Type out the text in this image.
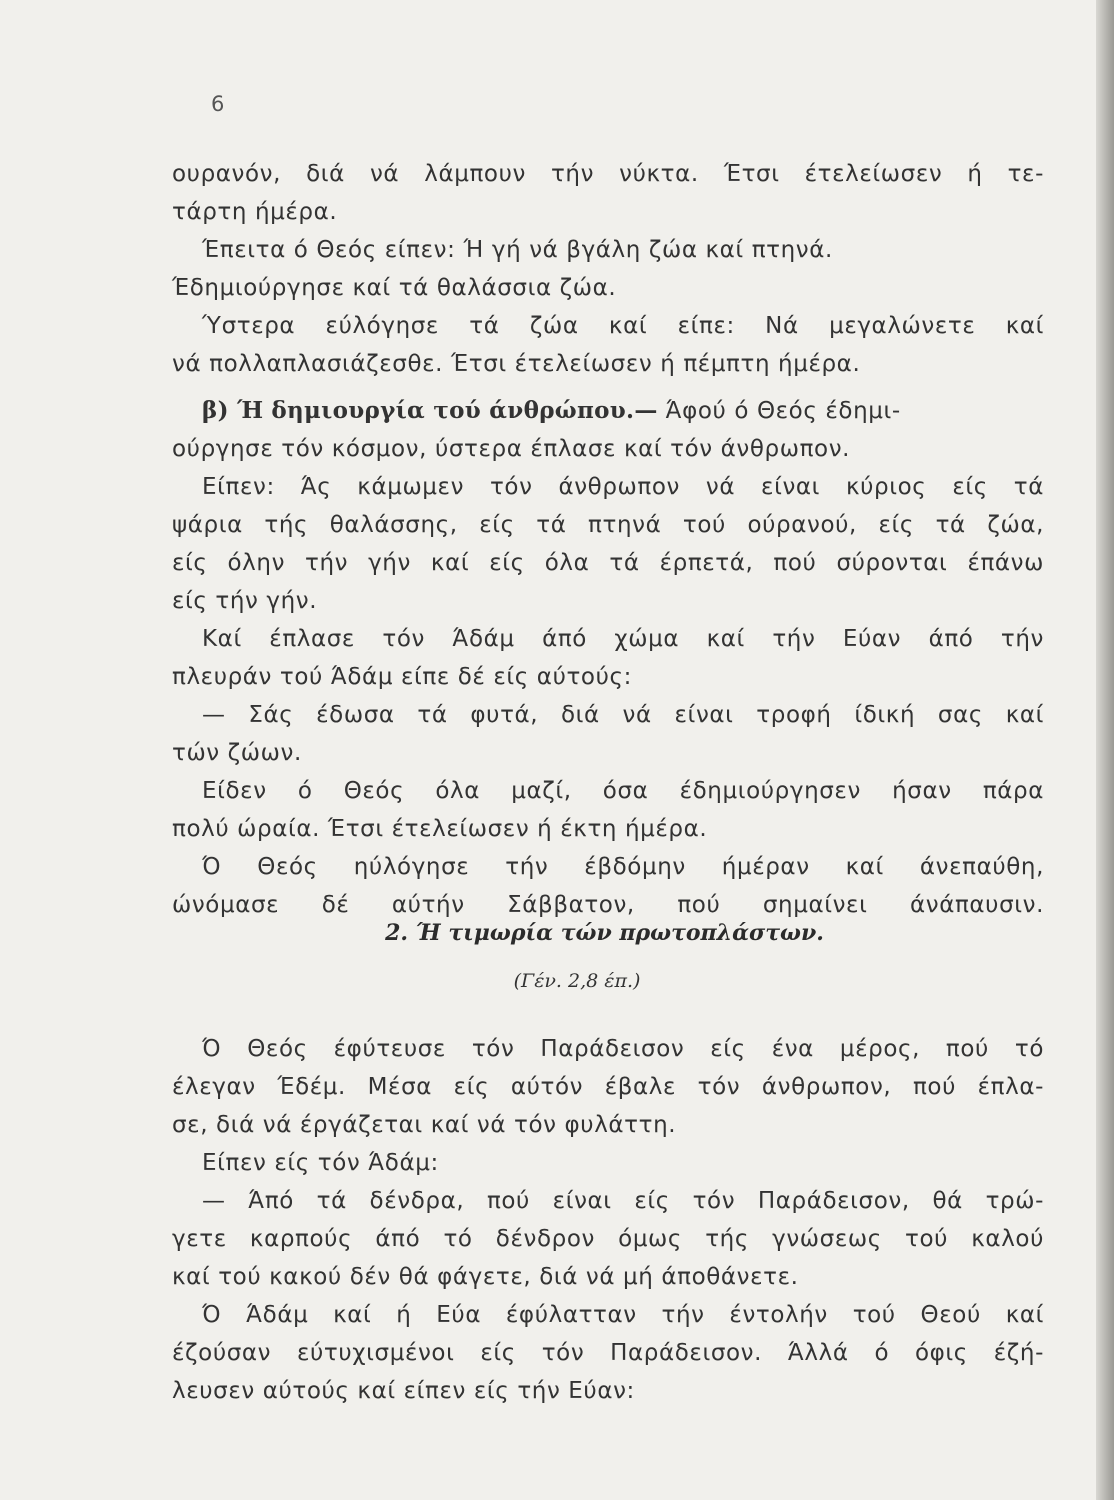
6
ουρανόν, διά νά λάμπουν τήν νύκτα. Έτσι έτελείωσεν ή τε-
τάρτη ήμέρα.
Έπειτα ό Θεός είπεν: Ή γή νά βγάλη ζώα καί πτηνά.
Έδημιούργησε καί τά θαλάσσια ζώα.
Ύστερα εύλόγησε τά ζώα καί είπε: Νά μεγαλώνετε καί
νά πολλαπλασιάζεσθε. Έτσι έτελείωσεν ή πέμπτη ήμέρα.
β) Ή δημιουργία τού άνθρώπου.— Άφού ό Θεός έδημι-
ούργησε τόν κόσμον, ύστερα έπλασε καί τόν άνθρωπον.
Είπεν: Άς κάμωμεν τόν άνθρωπον νά είναι κύριος είς τά
ψάρια τής θαλάσσης, είς τά πτηνά τού ούρανού, είς τά ζώα,
είς όλην τήν γήν καί είς όλα τά έρπετά, πού σύρονται έπάνω
είς τήν γήν.
Καί έπλασε τόν Άδάμ άπό χώμα καί τήν Εύαν άπό τήν
πλευράν τού Άδάμ είπε δέ είς αύτούς:
— Σάς έδωσα τά φυτά, διά νά είναι τροφή ίδική σας καί
τών ζώων.
Είδεν ό Θεός όλα μαζί, όσα έδημιούργησεν ήσαν πάρα
πολύ ώραία. Έτσι έτελείωσεν ή έκτη ήμέρα.
Ό Θεός ηύλόγησε τήν έβδόμην ήμέραν καί άνεπαύθη,
ώνόμασε δέ αύτήν Σάββατον, πού σημαίνει άνάπαυσιν.
2. Ή τιμωρία τών πρωτοπλάστων.
(Γέν. 2,8 έπ.)
Ό Θεός έφύτευσε τόν Παράδεισον είς ένα μέρος, πού τό
έλεγαν Έδέμ. Μέσα είς αύτόν έβαλε τόν άνθρωπον, πού έπλα-
σε, διά νά έργάζεται καί νά τόν φυλάττη.
Είπεν είς τόν Άδάμ:
— Άπό τά δένδρα, πού είναι είς τόν Παράδεισον, θά τρώ-
γετε καρπούς άπό τό δένδρον όμως τής γνώσεως τού καλού
καί τού κακού δέν θά φάγετε, διά νά μή άποθάνετε.
Ό Άδάμ καί ή Εύα έφύλατταν τήν έντολήν τού Θεού καί
έζούσαν εύτυχισμένοι είς τόν Παράδεισον. Άλλά ό όφις έζή-
λευσεν αύτούς καί είπεν είς τήν Εύαν:
